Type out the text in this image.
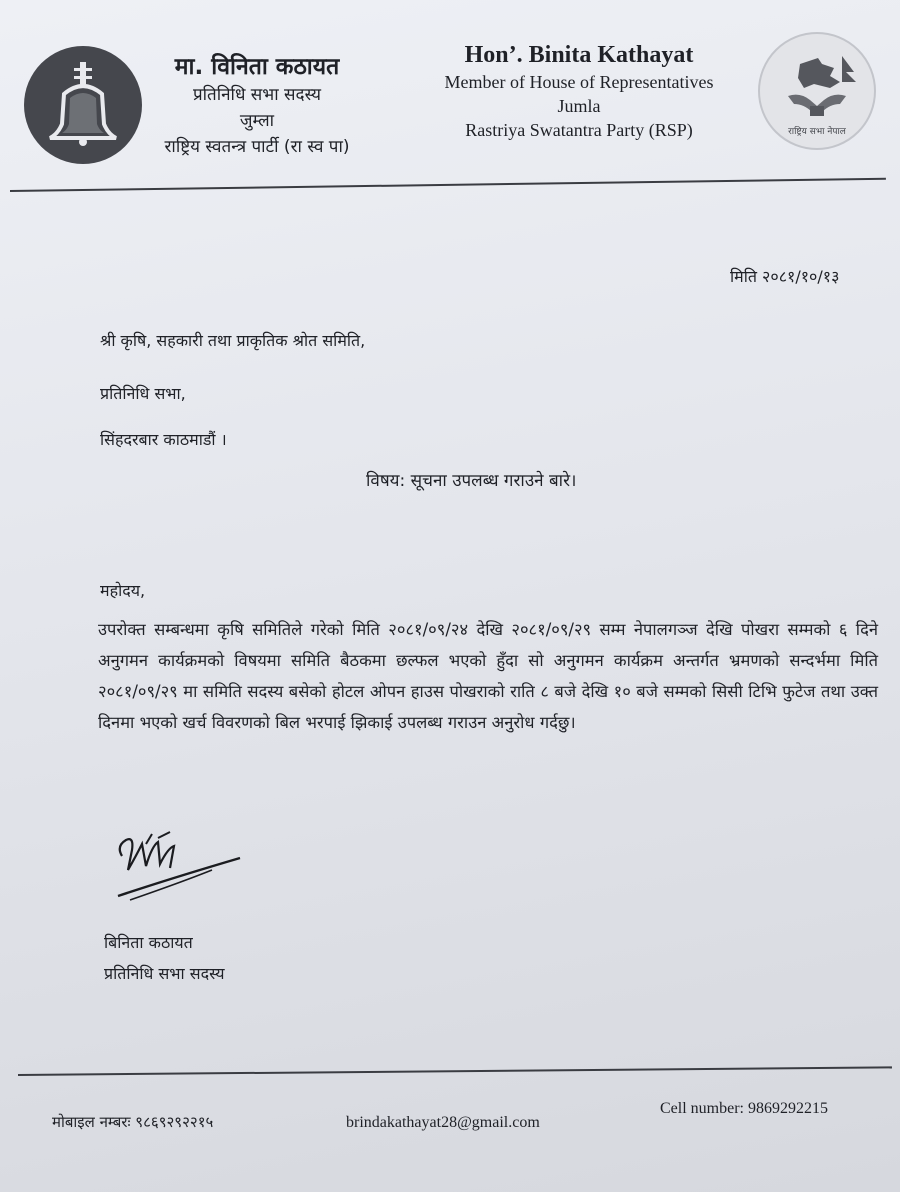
मा. विनिता कठायत
प्रतिनिधि सभा सदस्य
जुम्ला
राष्ट्रिय स्वतन्त्र पार्टी (रा स्व पा)
Hon’. Binita Kathayat
Member of House of Representatives
Jumla
Rastriya Swatantra Party (RSP)	राष्ट्रिय सभा नेपाल
मिति २०८१/१०/१३
श्री कृषि, सहकारी तथा प्राकृतिक श्रोत समिति,
प्रतिनिधि सभा,
सिंहदरबार काठमाडौं ।
विषय: सूचना उपलब्ध गराउने बारे।
महोदय,
उपरोक्त सम्बन्धमा कृषि समितिले गरेको मिति २०८१/०९/२४ देखि २०८१/०९/२९ सम्म नेपालगञ्ज देखि पोखरा सम्मको ६ दिने अनुगमन कार्यक्रमको विषयमा समिति बैठकमा छल्फल भएको हुँदा सो अनुगमन कार्यक्रम अन्तर्गत भ्रमणको सन्दर्भमा मिति २०८१/०९/२९ मा समिति सदस्य बसेको होटल ओपन हाउस पोखराको राति ८ बजे देखि १० बजे सम्मको सिसी टिभि फुटेज तथा उक्त दिनमा भएको खर्च विवरणको बिल भरपाई झिकाई उपलब्ध गराउन अनुरोध गर्दछु।
बिनिता कठायत
प्रतिनिधि सभा सदस्य
मोबाइल नम्बरः ९८६९२९२२१५	brindakathayat28@gmail.com
Cell number: 9869292215
